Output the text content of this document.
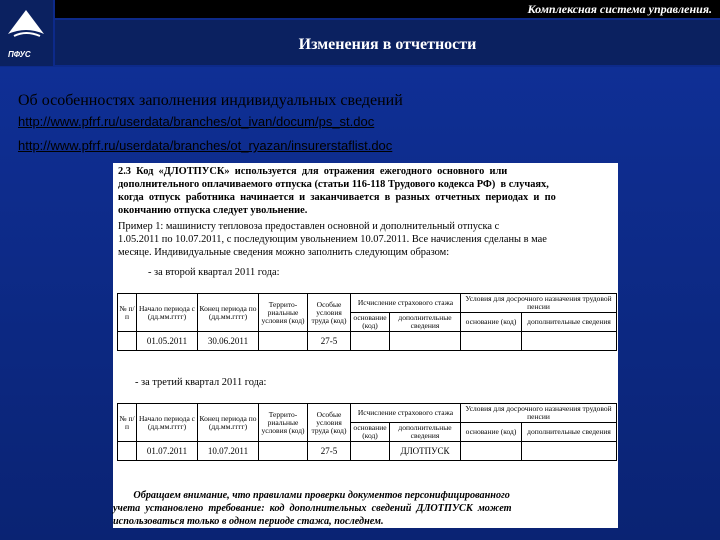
ПФУС
Комплексная система управления.
Изменения в отчетности
Об особенностях заполнения индивидуальных сведений
http://www.pfrf.ru/userdata/branches/ot_ivan/docum/ps_st.doc
http://www.pfrf.ru/userdata/branches/ot_ryazan/insurerstaflist.doc
2.3  Код  «ДЛОТПУСК»  используется  для  отражения  ежегодного  основного  или
дополнительного оплачиваемого отпуска (статьи 116-118 Трудового кодекса РФ)  в случаях,
когда  отпуск  работника  начинается  и  заканчивается  в  разных  отчетных  периодах  и  по
окончанию отпуска следует увольнение.
Пример 1: машинисту тепловоза предоставлен основной и дополнительный отпуска с
1.05.2011 по 10.07.2011, с последующим увольнением 10.07.2011. Все начисления сделаны в мае
месяце. Индивидуальные сведения можно заполнить следующим образом:
- за второй квартал 2011 года:
№ п/п	Начало периода с (дд.мм.гггг)	Конец периода по (дд.мм.гггг)	Террито- риальные условия (код)	Особые условия труда (код)	Исчисление страхового стажа		Условия для досрочного назначения трудовой пенсии	
					основание (код)	дополнительные сведения	основание (код)	дополнительные сведения
	01.05.2011	30.06.2011		27-5				
- за третий квартал 2011 года:
№ п/п	Начало периода с (дд.мм.гггг)	Конец периода по (дд.мм.гггг)	Террито- риальные условия (код)	Особые условия труда (код)	Исчисление страхового стажа		Условия для досрочного назначения трудовой пенсии	
					основание (код)	дополнительные сведения	основание (код)	дополнительные сведения
	01.07.2011	10.07.2011		27-5		ДЛОТПУСК		
Обращаем внимание, что правилами проверки документов персонифицированного
учета  установлено  требование:  код  дополнительных  сведений  ДЛОТПУСК  может
использоваться только в одном периоде стажа, последнем.
